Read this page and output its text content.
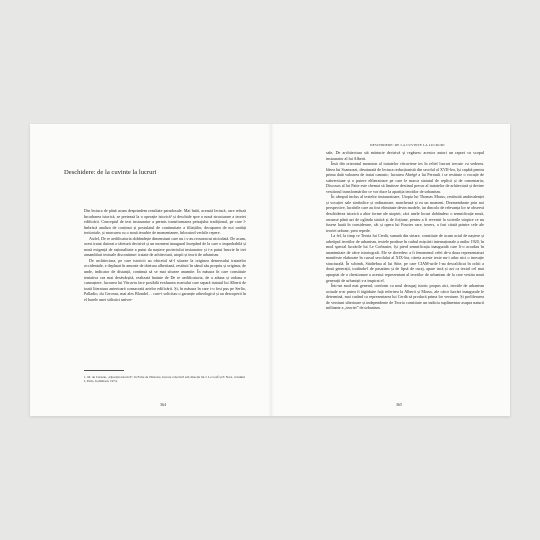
Deschidere: de la cuvinte la lucruri

Din lectura de până acum desprindem rezultate paradoxale. Mai întâi, această lectură, care refuză încadrarea istorică, se pretează la o operație istorică¹ și deschide spre o nouă structurare a teoriei edificării. Conceptul de text instaurator a permis transformarea peisajului tradițional, pe care l-îmbrăcă analiza de conținut și postulatul de continuitate a filiațiilor, decuparea de noi unități teritoriale, și marcarea cu o nouă ierarhie de momentanee, înlocuind vechile repere.

Astfel, De re aedificatoria dobândește dimensiuni care nu i s-au recunoscut niciodată. De acum, acest tratat datorat o tăietură decisivă și un moment inaugural începând de la care o improbabilă și nouă exigență de raționalitate a putut da naștere proiectului instaurator și i-a putut înscrie în trei ansambluri textuale discontinue: tratate de arhitectură, utopii și teorii de urbanism.

De architectura, pe care istoricii au obiceiul să-l situeze la originea demersului tratatelor occidentale, e deplasat în amonte de tăietura albertiană, restituit în sânul său propriu și originar, de unde, indicator de distanță, continuă să se mai situeze anumite. În măsura în care constituie tentativa cea mai desăvârșită, realizată înainte de De re aedificatoria, de a aduna și ordona o cunoaștere, lucrarea lui Vitruviu face posibilă evaluarea ecartului care separă tratatul lui Alberti de toată literatura anterioară consacrată artelor edificării. Și, în măsura în care i-o fost pus pe Serlio, Palladio, du Cerceau, mai ales Blondel… care-i solicitau o garanție arheologică și au descoperit în el barele unei stilistici univer-

1. M. de Certeau, „Operația istorică”, în Faire de l'histoire, lucrare colectivă sub direcția lui J. Le Goff și P. Nora, volumul I, Paris, Gallimard, 1974.
364
DESCHIDERE: DE LA CUVINTE LA LUCRURI

sale, De architectura stă mărturie decisivă și regăsesc acestor autori un raport cu scopul instaurator al lui Alberti.

Însă din orizontul monoton al tratatelor vitruviene ies în relief lucruri trecute cu vederea. Ideea lui Scamozzi, desaturată de lectura reducționistă din secolul al XVII-lea, își capătă pentru prima dată valoarea de tratat canonic; lucrarea Abrégé a lui Perrault i se restituie o vocație de subversiune și o putere eliberatoare pe care le marca statutul de replică și de comentariu; Discours al lui Patte este chemat să limiteze destinul precar al tratatelor de arhitectură și devine vestitorul transformărilor ce vor duce la apariția teoriilor de urbanism.

În câmpul inclus al textelor instauratoare, Utopia lui Thomas Morus, restituită ambivalenței și vocației sale simbolice și ordinatoare, marchează și ea un moment. Dezmembrate prin noi perspective, lucrările care au fost eliminate devin modele, iar dincolo de relevanța lor se observă deschiderea istorică a altor forme ale utopiei, căci unele locuri dobândesc o semnificație nouă, ascunse până azi de oglinda statică și de ficțiune, pentru a fi reveniri la scrierile utopice ce nu fusese luată în considerare, cât și opera lui Fourier care, invers, a fost citată printre cele ale teoriei urbane, prea repede.

La fel, la timp ce Teoria lui Cerdà, sumată din sirtare, constituie de acum actul de naștere și arhetipul teoriilor de urbanism, textele produse în cadrul mișcării internaționale a anilor 1920, în mod special lucrările lui Le Corbusier, își pierd semnificația inaugurală care li-o acordau în unanimitate de către istoriografi. Ele se dovedesc a fi fenomenul celei de-a doua reprezentaturi manifeste elaborate în cursul secolului al XIX-lea, căreia aceste texte nu-i aduc nici o inovație structurală. În schimb, Städtebau al lui Sitte, pe care CIAM-urile l-au descalificat în ochii a două generații, tratându-l de pasatism și de lipsă de curaj, apare incă și azi ca textul cel mai apropiat de o chestionare a acestui reprezentant al teoriilor de urbanism de la care vestita nouă generații de urbaniști s-a inspirat el.

Într-un mod mai general, conform cu noul decupaj istoric propus aici, teoriile de urbanism actuale n-ar putea fi tăgăduite față referirea la Alberti și Morus, ale căror lucrări inaugurale le determină, mai curând ca reprezentarea lui Cerdà să producă prima lor versiune. Și proliferarea de versiuni ulterioare și independente de Teoria constituie un indiciu suplimentar asupra naturii militante a „teoriei” de urbanism.

365
